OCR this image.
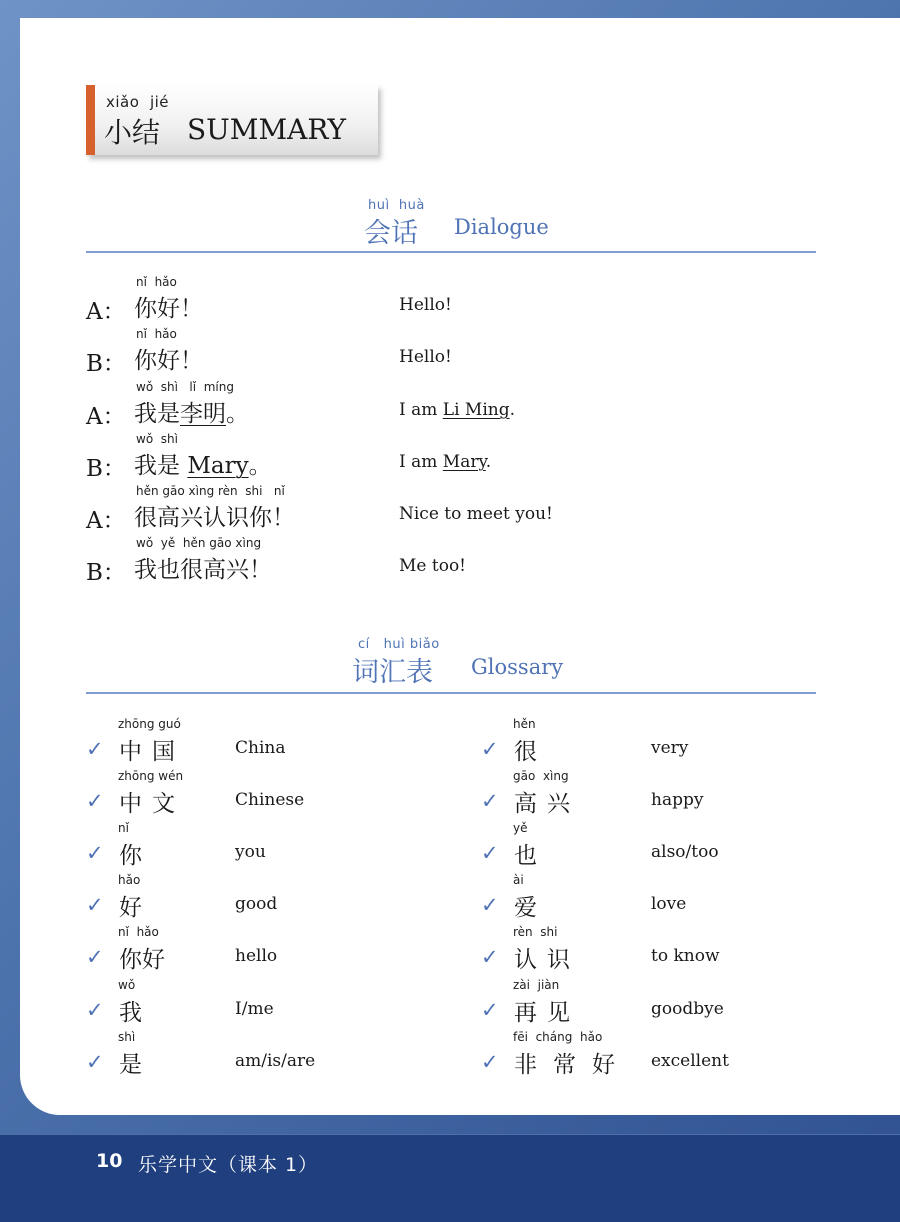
10 乐学中文（课本 1）
xiǎo  jié
小结 SUMMARY
huì  huà
会话 Dialogue
A：
nǐ  hǎo
你好！	Hello!
B：
nǐ  hǎo
你好！	Hello!
A：
wǒ  shì   lǐ  míng
我是李明。	I am Li Ming.
B：
wǒ  shì
我是 Mary。	I am Mary.
A：
hěn gāo xìng rèn  shi   nǐ
很高兴认识你！	Nice to meet you!
B：
wǒ  yě  hěn gāo xìng
我也很高兴！	Me too!
cí   huì biǎo
词汇表 Glossary
✓
zhōng guó
中国	China
✓
zhōng wén
中文	Chinese
✓
nǐ
你	you
✓
hǎo
好	good
✓
nǐ  hǎo
你好	hello
✓
wǒ
我	I/me
✓
shì
是	am/is/are
✓
hěn
很	very
✓
gāo  xìng
高兴	happy
✓
yě
也	also/too
✓
ài
爱	love
✓
rèn  shi
认识	to know
✓
zài  jiàn
再见	goodbye
✓
fēi  cháng  hǎo
非常好 excellent
